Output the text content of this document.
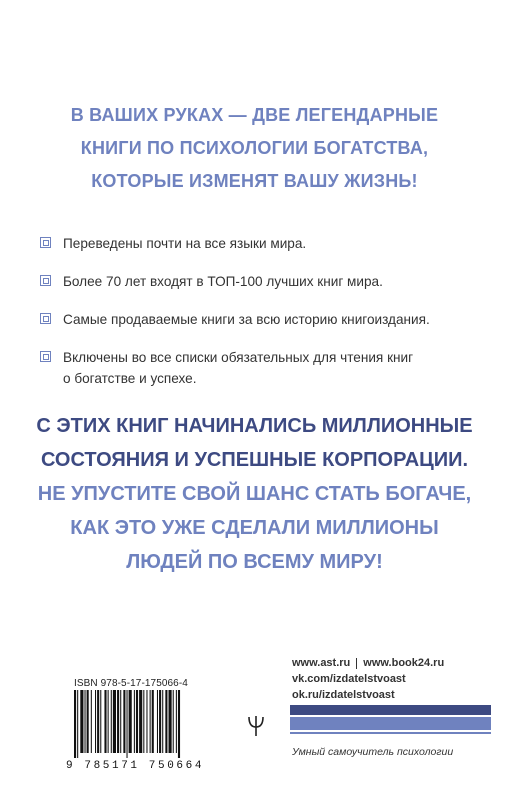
В ВАШИХ РУКАХ — ДВЕ ЛЕГЕНДАРНЫЕ
КНИГИ ПО ПСИХОЛОГИИ БОГАТСТВА,
КОТОРЫЕ ИЗМЕНЯТ ВАШУ ЖИЗНЬ!
Переведены почти на все языки мира.
Более 70 лет входят в ТОП-100 лучших книг мира.
Самые продаваемые книги за всю историю книгоиздания.
Включены во все списки обязательных для чтения книг
о богатстве и успехе.
С ЭТИХ КНИГ НАЧИНАЛИСЬ МИЛЛИОННЫЕ
СОСТОЯНИЯ И УСПЕШНЫЕ КОРПОРАЦИИ.
НЕ УПУСТИТЕ СВОЙ ШАНС СТАТЬ БОГАЧЕ,
КАК ЭТО УЖЕ СДЕЛАЛИ МИЛЛИОНЫ
ЛЮДЕЙ ПО ВСЕМУ МИРУ!
www.ast.ru www.book24.ru
vk.com/izdatelstvoast
ok.ru/izdatelstvoast
Умный самоучитель психологии
ISBN 978-5-17-175066-4
9 785171 750664
